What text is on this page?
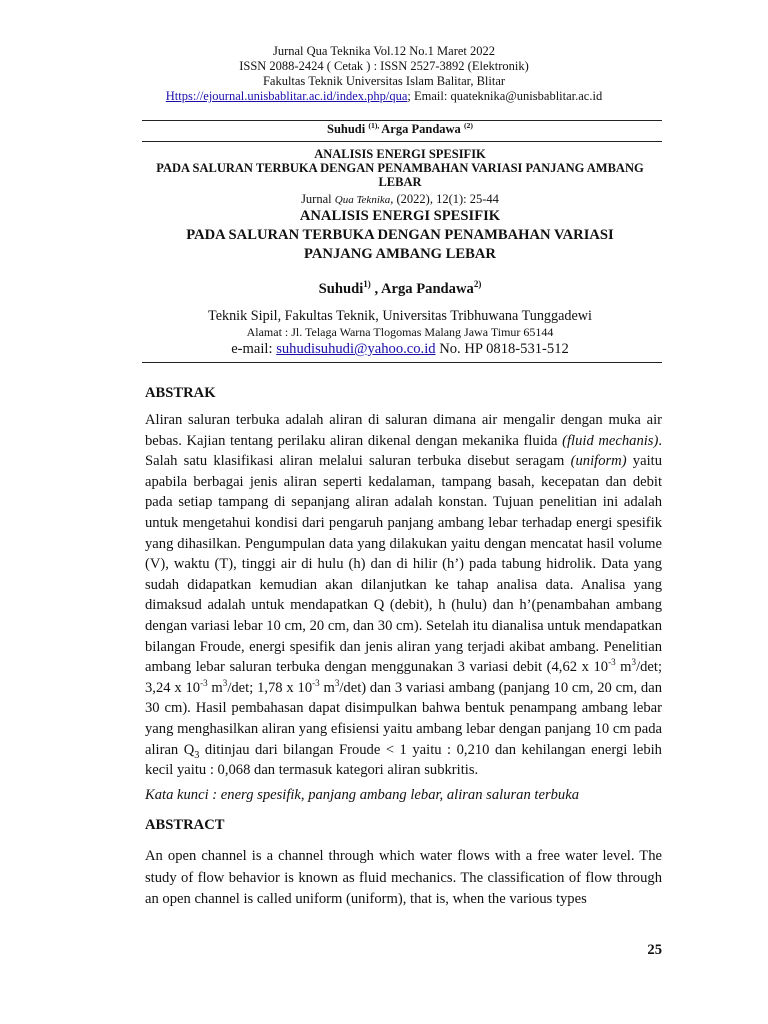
Jurnal Qua Teknika Vol.12 No.1 Maret 2022
ISSN 2088-2424 ( Cetak ) : ISSN 2527-3892 (Elektronik)
Fakultas Teknik Universitas Islam Balitar, Blitar
Https://ejournal.unisbablitar.ac.id/index.php/qua; Email: quateknika@unisbablitar.ac.id
Suhudi $^{(1),}$ Arga Pandawa $^{(2)}$
ANALISIS ENERGI SPESIFIK
PADA SALURAN TERBUKA DENGAN PENAMBAHAN VARIASI PANJANG AMBANG
LEBAR
Jurnal Qua Teknika, (2022), 12(1): 25-44
ANALISIS ENERGI SPESIFIK
PADA SALURAN TERBUKA DENGAN PENAMBAHAN VARIASI
PANJANG AMBANG LEBAR
Suhudi$^{1)}$ , Arga Pandawa$^{2)}$
Teknik Sipil, Fakultas Teknik, Universitas Tribhuwana Tunggadewi
Alamat : Jl. Telaga Warna Tlogomas Malang Jawa Timur 65144
e-mail: suhudisuhudi@yahoo.co.id No. HP 0818-531-512
ABSTRAK
Aliran saluran terbuka adalah aliran di saluran dimana air mengalir dengan muka air bebas. Kajian tentang perilaku aliran dikenal dengan mekanika fluida (fluid mechanis). Salah satu klasifikasi aliran melalui saluran terbuka disebut seragam (uniform) yaitu apabila berbagai jenis aliran seperti kedalaman, tampang basah, kecepatan dan debit pada setiap tampang di sepanjang aliran adalah konstan. Tujuan penelitian ini adalah untuk mengetahui kondisi dari pengaruh panjang ambang lebar terhadap energi spesifik yang dihasilkan. Pengumpulan data yang dilakukan yaitu dengan mencatat hasil volume (V), waktu (T), tinggi air di hulu (h) dan di hilir (h’) pada tabung hidrolik. Data yang sudah didapatkan kemudian akan dilanjutkan ke tahap analisa data. Analisa yang dimaksud adalah untuk mendapatkan Q (debit), h (hulu) dan h’(penambahan ambang dengan variasi lebar 10 cm, 20 cm, dan 30 cm). Setelah itu dianalisa untuk mendapatkan bilangan Froude, energi spesifik dan jenis aliran yang terjadi akibat ambang. Penelitian ambang lebar saluran terbuka dengan menggunakan 3 variasi debit (4,62 x $10^{-3}$ $m^3/\det$; 3,24 x $10^{-3}$ $m^3/\det$; 1,78 x $10^{-3}$ $m^3/\det$) dan 3 variasi ambang (panjang 10 cm, 20 cm, dan 30 cm). Hasil pembahasan dapat disimpulkan bahwa bentuk penampang ambang lebar yang menghasilkan aliran yang efisiensi yaitu ambang lebar dengan panjang 10 cm pada aliran $Q_3$ ditinjau dari bilangan Froude < 1 yaitu : 0,210 dan kehilangan energi lebih kecil yaitu : 0,068 dan termasuk kategori aliran subkritis.
Kata kunci : energ spesifik, panjang ambang lebar, aliran saluran terbuka
ABSTRACT
An open channel is a channel through which water flows with a free water level. The study of flow behavior is known as fluid mechanics. The classification of flow through an open channel is called uniform (uniform), that is, when the various types
25
